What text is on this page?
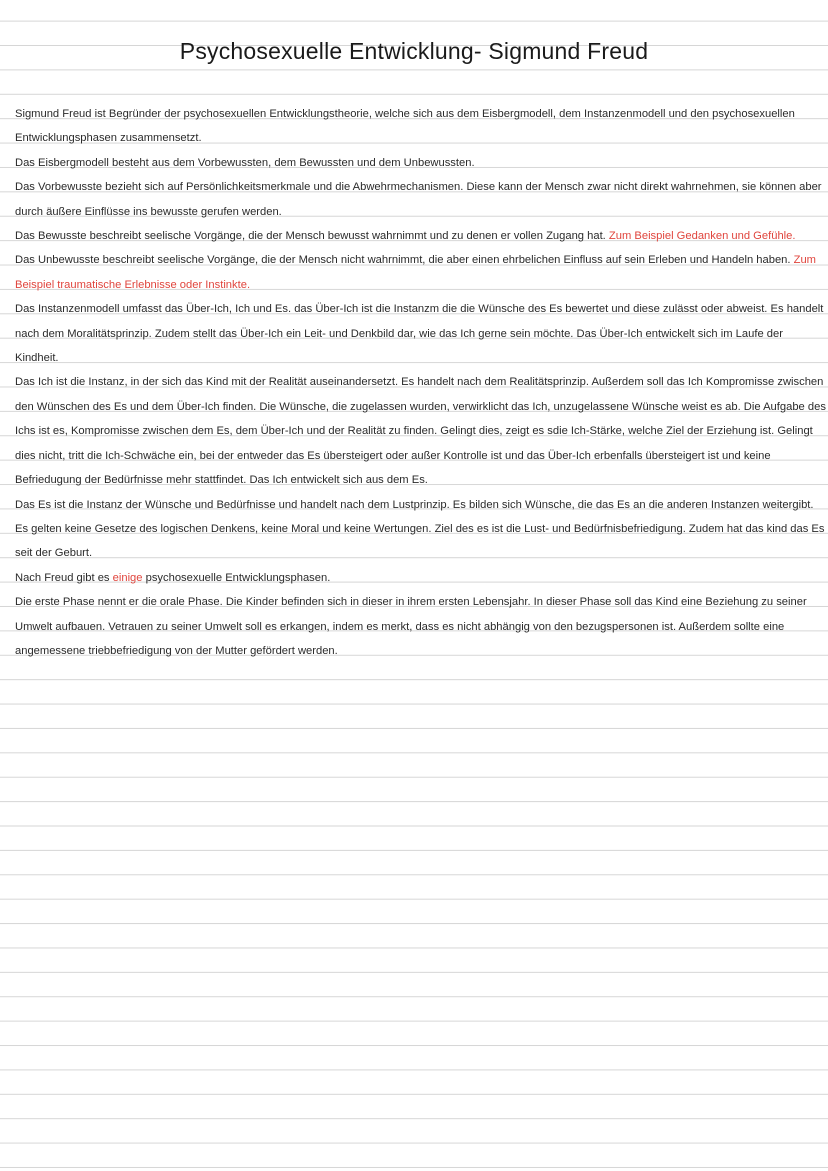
Psychosexuelle Entwicklung- Sigmund Freud

Sigmund Freud ist Begründer der psychosexuellen Entwicklungstheorie, welche sich aus dem Eisbergmodell, dem Instanzenmodell und den psychosexuellen Entwicklungsphasen zusammensetzt.

Das Eisbergmodell besteht aus dem Vorbewussten, dem Bewussten und dem Unbewussten.

Das Vorbewusste bezieht sich auf Persönlichkeitsmerkmale und die Abwehrmechanismen. Diese kann der Mensch zwar nicht direkt wahrnehmen, sie können aber durch äußere Einflüsse ins bewusste gerufen werden.

Das Bewusste beschreibt seelische Vorgänge, die der Mensch bewusst wahrnimmt und zu denen er vollen Zugang hat. Zum Beispiel Gedanken und Gefühle.

Das Unbewusste beschreibt seelische Vorgänge, die der Mensch nicht wahrnimmt, die aber einen ehrbelichen Einfluss auf sein Erleben und Handeln haben. Zum Beispiel traumatische Erlebnisse oder Instinkte.

Das Instanzenmodell umfasst das Über-Ich, Ich und Es. das Über-Ich ist die Instanzm die die Wünsche des Es bewertet und diese zulässt oder abweist. Es handelt nach dem Moralitätsprinzip. Zudem stellt das Über-Ich ein Leit- und Denkbild dar, wie das Ich gerne sein möchte. Das Über-Ich entwickelt sich im Laufe der Kindheit.

Das Ich ist die Instanz, in der sich das Kind mit der Realität auseinandersetzt. Es handelt nach dem Realitätsprinzip. Außerdem soll das Ich Kompromisse zwischen den Wünschen des Es und dem Über-Ich finden. Die Wünsche, die zugelassen wurden, verwirklicht das Ich, unzugelassene Wünsche weist es ab. Die Aufgabe des Ichs ist es, Kompromisse zwischen dem Es, dem Über-Ich und der Realität zu finden. Gelingt dies, zeigt es sdie Ich-Stärke, welche Ziel der Erziehung ist. Gelingt dies nicht, tritt die Ich-Schwäche ein, bei der entweder das Es übersteigert oder außer Kontrolle ist und das Über-Ich erbenfalls übersteigert ist und keine Befriedugung der Bedürfnisse mehr stattfindet. Das Ich entwickelt sich aus dem Es.

Das Es ist die Instanz der Wünsche und Bedürfnisse und handelt nach dem Lustprinzip. Es bilden sich Wünsche, die das Es an die anderen Instanzen weitergibt. Es gelten keine Gesetze des logischen Denkens, keine Moral und keine Wertungen. Ziel des es ist die Lust- und Bedürfnisbefriedigung. Zudem hat das kind das Es seit der Geburt.

Nach Freud gibt es einige psychosexuelle Entwicklungsphasen.

Die erste Phase nennt er die orale Phase. Die Kinder befinden sich in dieser in ihrem ersten Lebensjahr. In dieser Phase soll das Kind eine Beziehung zu seiner Umwelt aufbauen. Vetrauen zu seiner Umwelt soll es erkangen, indem es merkt, dass es nicht abhängig von den bezugspersonen ist. Außerdem sollte eine angemessene triebbefriedigung von der Mutter gefördert werden.
